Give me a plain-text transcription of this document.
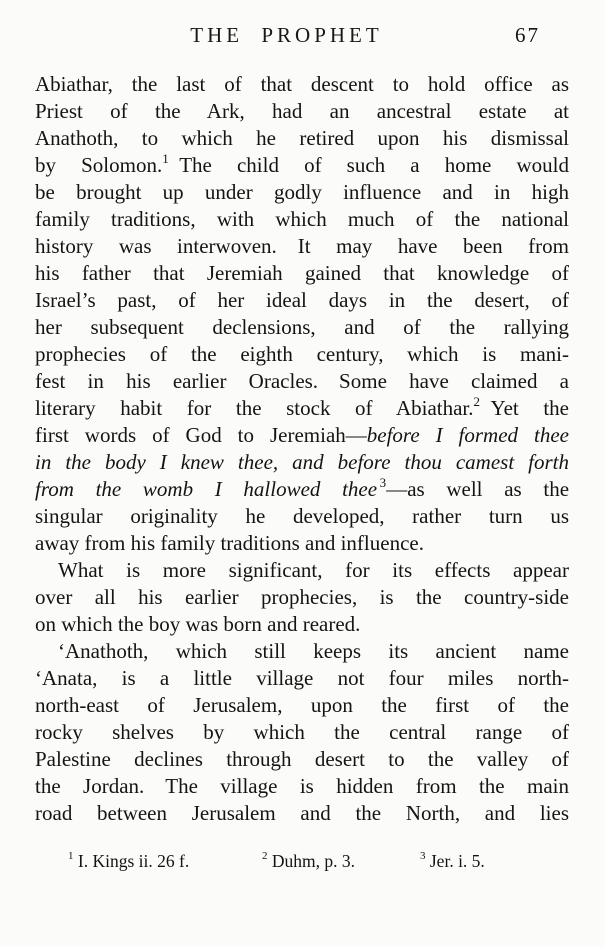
THE PROPHET	67
Abiathar, the last of that descent to hold office as
Priest of the Ark, had an ancestral estate at
Anathoth, to which he retired upon his dismissal
by Solomon.$^1$ The child of such a home would
be brought up under godly influence and in high
family traditions, with which much of the national
history was interwoven. It may have been from
his father that Jeremiah gained that knowledge of
Israel’s past, of her ideal days in the desert, of
her subsequent declensions, and of the rallying
prophecies of the eighth century, which is mani-
fest in his earlier Oracles. Some have claimed a
literary habit for the stock of Abiathar.$^2$ Yet the
first words of God to Jeremiah—before I formed thee
in the body I knew thee, and before thou camest forth
from the womb I hallowed thee $^3$—as well as the
singular originality he developed, rather turn us
away from his family traditions and influence.
What is more significant, for its effects appear
over all his earlier prophecies, is the country-side
on which the boy was born and reared.
‘Anathoth, which still keeps its ancient name
‘Anata, is a little village not four miles north-
north-east of Jerusalem, upon the first of the
rocky shelves by which the central range of
Palestine declines through desert to the valley of
the Jordan. The village is hidden from the main
road between Jerusalem and the North, and lies
$^1$ I. Kings ii. 26 f.	$^2$ Duhm, p. 3.	$^3$ Jer. i. 5.
